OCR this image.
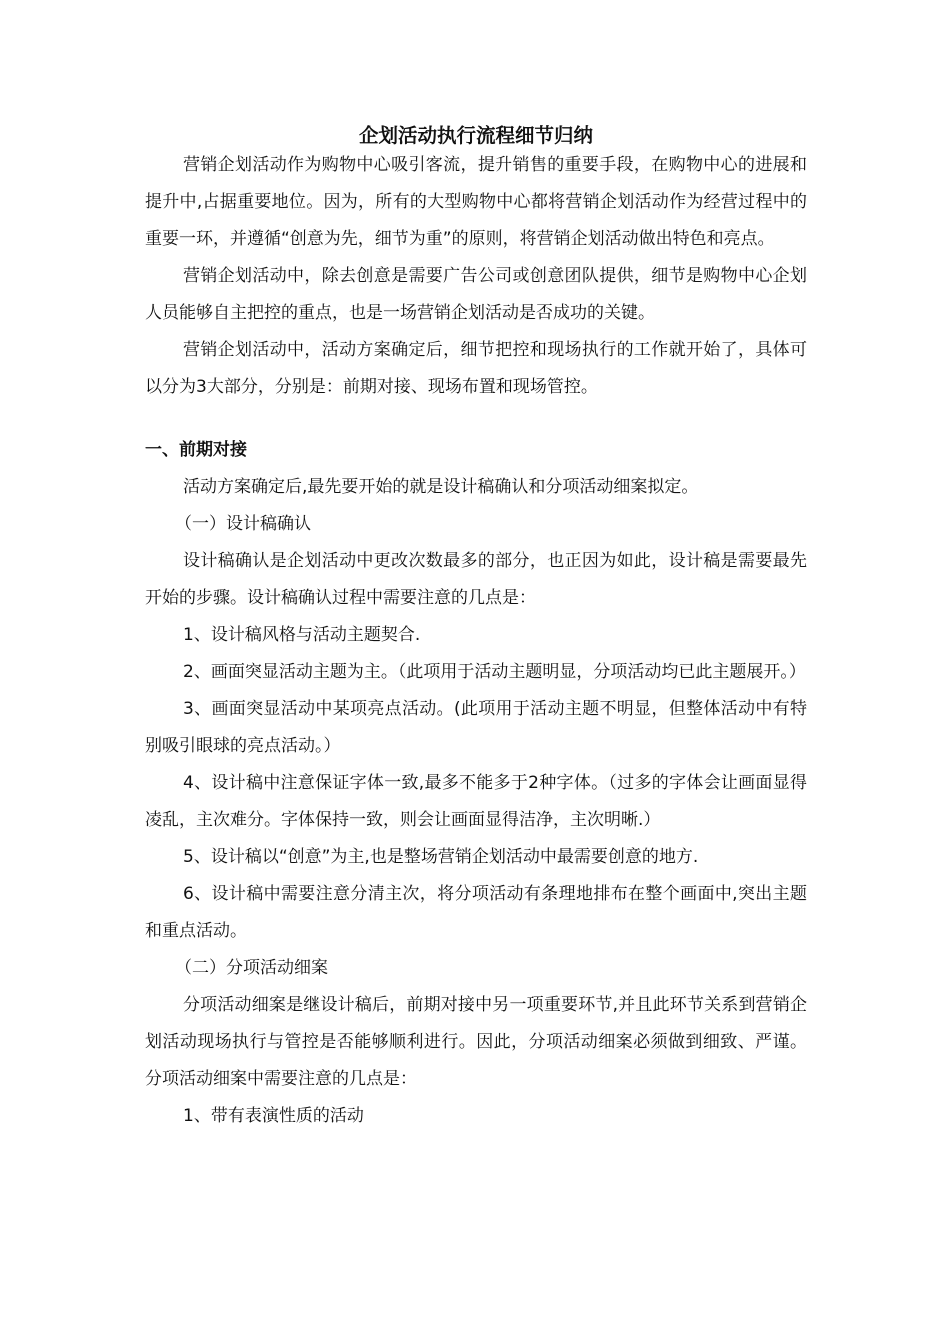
企划活动执行流程细节归纳

营销企划活动作为购物中心吸引客流，提升销售的重要手段，在购物中心的进展和提升中,占据重要地位。因为，所有的大型购物中心都将营销企划活动作为经营过程中的重要一环，并遵循“创意为先，细节为重”的原则，将营销企划活动做出特色和亮点。

营销企划活动中，除去创意是需要广告公司或创意团队提供，细节是购物中心企划人员能够自主把控的重点，也是一场营销企划活动是否成功的关键。

营销企划活动中，活动方案确定后，细节把控和现场执行的工作就开始了，具体可以分为3大部分，分别是：前期对接、现场布置和现场管控。

一、前期对接

活动方案确定后,最先要开始的就是设计稿确认和分项活动细案拟定。

（一）设计稿确认

设计稿确认是企划活动中更改次数最多的部分，也正因为如此，设计稿是需要最先开始的步骤。设计稿确认过程中需要注意的几点是：

1、设计稿风格与活动主题契合.

2、画面突显活动主题为主。（此项用于活动主题明显，分项活动均已此主题展开。）

3、画面突显活动中某项亮点活动。(此项用于活动主题不明显，但整体活动中有特别吸引眼球的亮点活动。）

4、设计稿中注意保证字体一致,最多不能多于2种字体。（过多的字体会让画面显得凌乱，主次难分。字体保持一致，则会让画面显得洁净，主次明晰.）

5、设计稿以“创意”为主,也是整场营销企划活动中最需要创意的地方.

6、设计稿中需要注意分清主次，将分项活动有条理地排布在整个画面中,突出主题和重点活动。

（二）分项活动细案

分项活动细案是继设计稿后，前期对接中另一项重要环节,并且此环节关系到营销企划活动现场执行与管控是否能够顺利进行。因此，分项活动细案必须做到细致、严谨。分项活动细案中需要注意的几点是：

1、带有表演性质的活动
